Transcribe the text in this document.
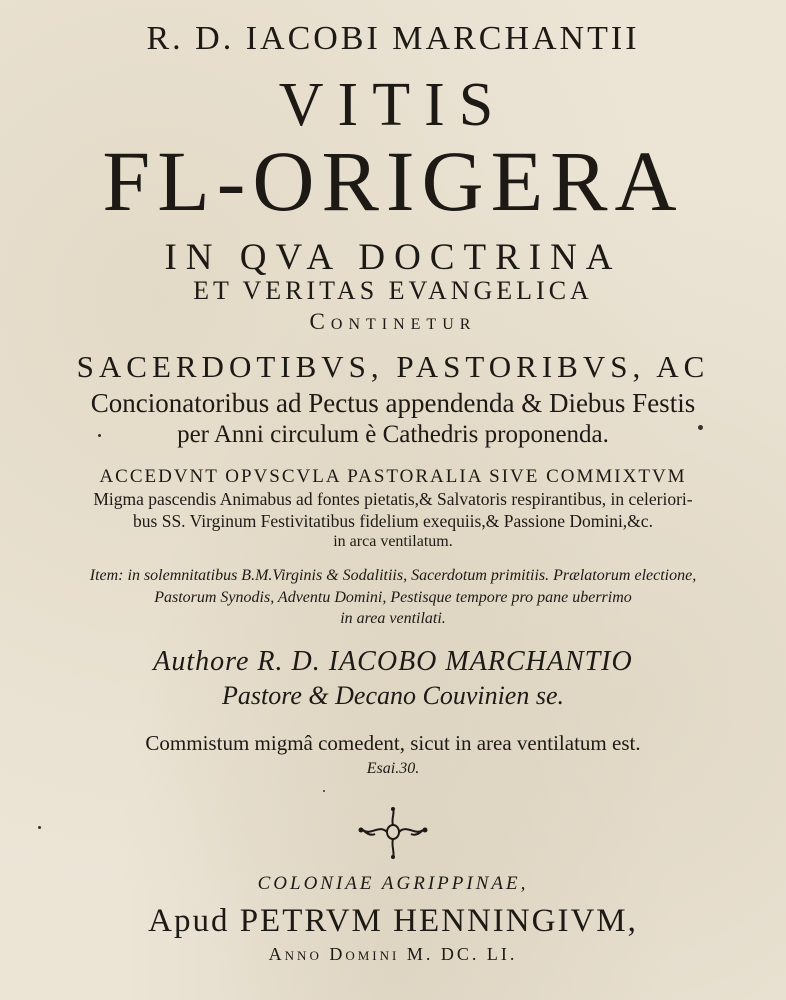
R. D. IACOBI MARCHANTII
VITIS
FL-ORIGERA
IN QVA DOCTRINA
ET VERITAS EVANGELICA
Continetur
SACERDOTIBVS, PASTORIBVS, AC
Concionatoribus ad Pectus appendenda & Diebus Festis
per Anni circulum è Cathedris proponenda.
ACCEDVNT OPVSCVLA PASTORALIA SIVE COMMIXTVM
Migma pascendis Animabus ad fontes pietatis,& Salvatoris respirantibus, in celeriori-
bus SS. Virginum Festivitatibus fidelium exequiis,& Passione Domini,&c.
in arca ventilatum.
Item: in solemnitatibus B.M.Virginis & Sodalitiis, Sacerdotum primitiis. Prælatorum electione,
Pastorum Synodis, Adventu Domini, Pestisque tempore pro pane uberrimo
in area ventilati.
Authore R. D. IACOBO MARCHANTIO
Pastore & Decano Couvinien se.
Commistum migmâ comedent, sicut in area ventilatum est.
Esai.30.
COLONIAE AGRIPPINAE,
Apud PETRVM HENNINGIVM,
Anno Domini M. DC. LI.
